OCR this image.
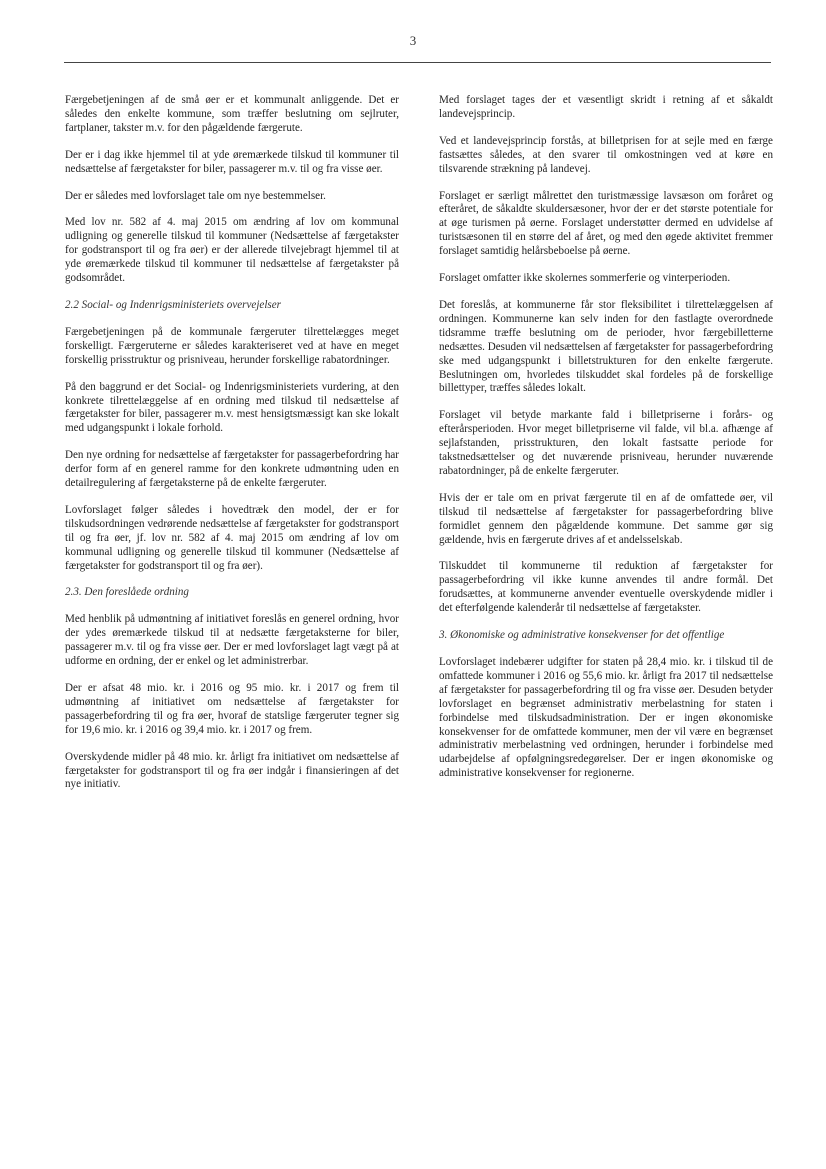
3

Færgebetjeningen af de små øer er et kommunalt anliggende. Det er således den enkelte kommune, som træffer beslutning om sejlruter, fartplaner, takster m.v. for den pågældende færgerute.

Der er i dag ikke hjemmel til at yde øremærkede tilskud til kommuner til nedsættelse af færgetakster for biler, passagerer m.v. til og fra visse øer.

Der er således med lovforslaget tale om nye bestemmelser.

Med lov nr. 582 af 4. maj 2015 om ændring af lov om kommunal udligning og generelle tilskud til kommuner (Nedsættelse af færgetakster for godstransport til og fra øer) er der allerede tilvejebragt hjemmel til at yde øremærkede tilskud til kommuner til nedsættelse af færgetakster på godsområdet.

2.2 Social- og Indenrigsministeriets overvejelser

Færgebetjeningen på de kommunale færgeruter tilrettelægges meget forskelligt. Færgeruterne er således karakteriseret ved at have en meget forskellig prisstruktur og prisniveau, herunder forskellige rabatordninger.

På den baggrund er det Social- og Indenrigsministeriets vurdering, at den konkrete tilrettelæggelse af en ordning med tilskud til nedsættelse af færgetakster for biler, passagerer m.v. mest hensigtsmæssigt kan ske lokalt med udgangspunkt i lokale forhold.

Den nye ordning for nedsættelse af færgetakster for passagerbefordring har derfor form af en generel ramme for den konkrete udmøntning uden en detailregulering af færgetaksterne på de enkelte færgeruter.

Lovforslaget følger således i hovedtræk den model, der er for tilskudsordningen vedrørende nedsættelse af færgetakster for godstransport til og fra øer, jf. lov nr. 582 af 4. maj 2015 om ændring af lov om kommunal udligning og generelle tilskud til kommuner (Nedsættelse af færgetakster for godstransport til og fra øer).

2.3. Den foreslåede ordning

Med henblik på udmøntning af initiativet foreslås en generel ordning, hvor der ydes øremærkede tilskud til at nedsætte færgetaksterne for biler, passagerer m.v. til og fra visse øer. Der er med lovforslaget lagt vægt på at udforme en ordning, der er enkel og let administrerbar.

Der er afsat 48 mio. kr. i 2016 og 95 mio. kr. i 2017 og frem til udmøntning af initiativet om nedsættelse af færgetakster for passagerbefordring til og fra øer, hvoraf de statslige færgeruter tegner sig for 19,6 mio. kr. i 2016 og 39,4 mio. kr. i 2017 og frem.

Overskydende midler på 48 mio. kr. årligt fra initiativet om nedsættelse af færgetakster for godstransport til og fra øer indgår i finansieringen af det nye initiativ.

Med forslaget tages der et væsentligt skridt i retning af et såkaldt landevejsprincip.

Ved et landevejsprincip forstås, at billetprisen for at sejle med en færge fastsættes således, at den svarer til omkostningen ved at køre en tilsvarende strækning på landevej.

Forslaget er særligt målrettet den turistmæssige lavsæson om foråret og efteråret, de såkaldte skuldersæsoner, hvor der er det største potentiale for at øge turismen på øerne. Forslaget understøtter dermed en udvidelse af turistsæsonen til en større del af året, og med den øgede aktivitet fremmer forslaget samtidig helårsbeboelse på øerne.

Forslaget omfatter ikke skolernes sommerferie og vinterperioden.

Det foreslås, at kommunerne får stor fleksibilitet i tilrettelæggelsen af ordningen. Kommunerne kan selv inden for den fastlagte overordnede tidsramme træffe beslutning om de perioder, hvor færgebilletterne nedsættes. Desuden vil nedsættelsen af færgetakster for passagerbefordring ske med udgangspunkt i billetstrukturen for den enkelte færgerute. Beslutningen om, hvorledes tilskuddet skal fordeles på de forskellige billettyper, træffes således lokalt.

Forslaget vil betyde markante fald i billetpriserne i forårs- og efterårsperioden. Hvor meget billetpriserne vil falde, vil bl.a. afhænge af sejlafstanden, prisstrukturen, den lokalt fastsatte periode for takstnedsættelser og det nuværende prisniveau, herunder nuværende rabatordninger, på de enkelte færgeruter.

Hvis der er tale om en privat færgerute til en af de omfattede øer, vil tilskud til nedsættelse af færgetakster for passagerbefordring blive formidlet gennem den pågældende kommune. Det samme gør sig gældende, hvis en færgerute drives af et andelsselskab.

Tilskuddet til kommunerne til reduktion af færgetakster for passagerbefordring vil ikke kunne anvendes til andre formål. Det forudsættes, at kommunerne anvender eventuelle overskydende midler i det efterfølgende kalenderår til nedsættelse af færgetakster.

3. Økonomiske og administrative konsekvenser for det offentlige

Lovforslaget indebærer udgifter for staten på 28,4 mio. kr. i tilskud til de omfattede kommuner i 2016 og 55,6 mio. kr. årligt fra 2017 til nedsættelse af færgetakster for passagerbefordring til og fra visse øer. Desuden betyder lovforslaget en begrænset administrativ merbelastning for staten i forbindelse med tilskudsadministration. Der er ingen økonomiske konsekvenser for de omfattede kommuner, men der vil være en begrænset administrativ merbelastning ved ordningen, herunder i forbindelse med udarbejdelse af opfølgningsredegørelser. Der er ingen økonomiske og administrative konsekvenser for regionerne.
